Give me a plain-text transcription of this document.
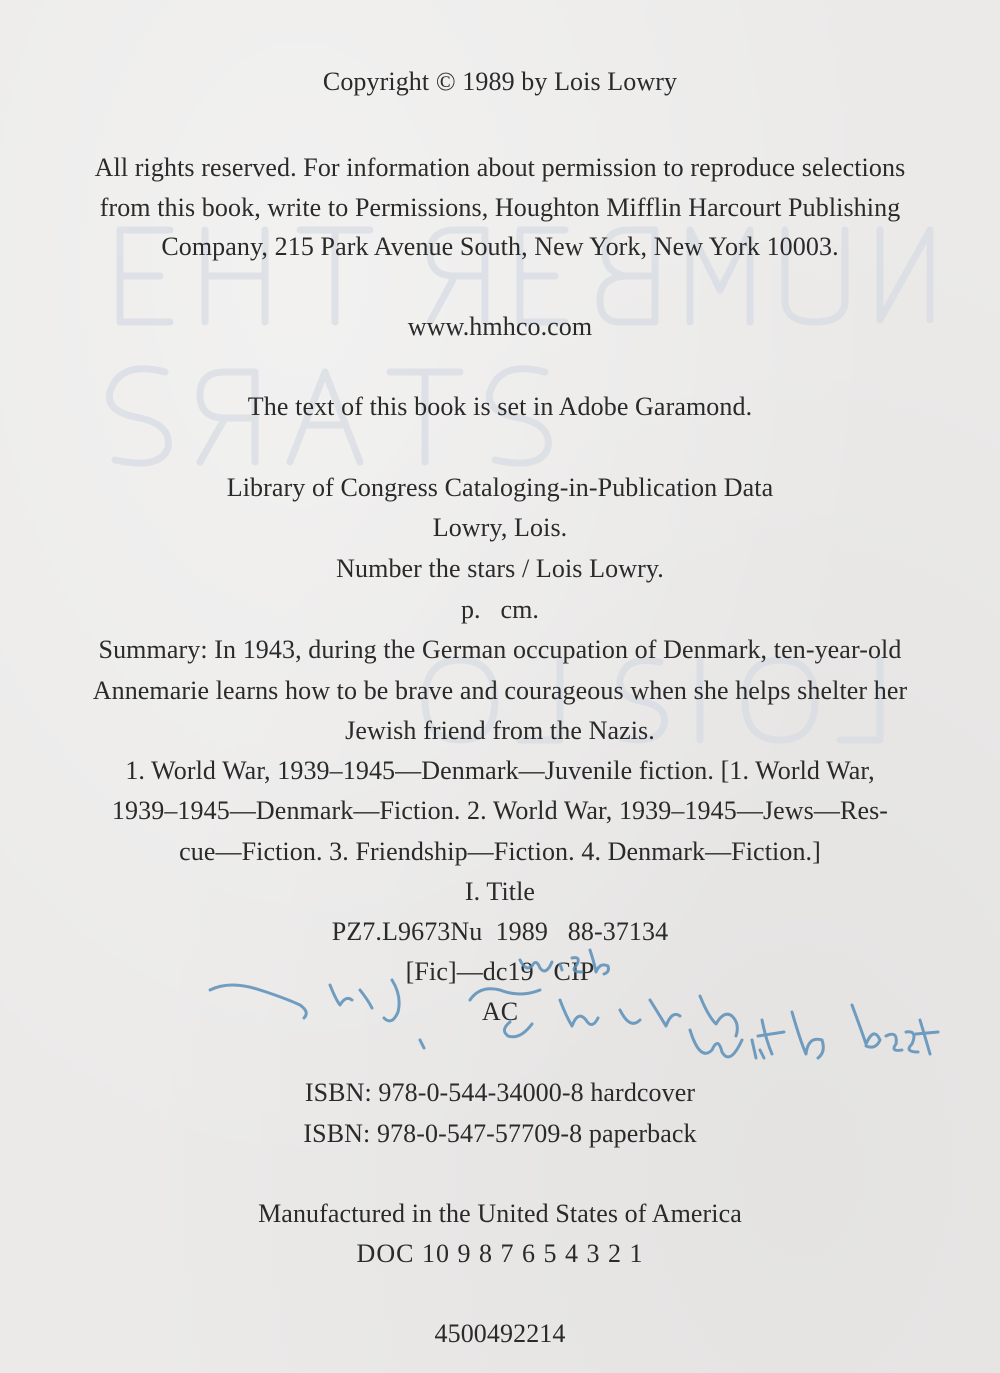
Copyright © 1989 by Lois Lowry
All rights reserved. For information about permission to reproduce selections
from this book, write to Permissions, Houghton Mifflin Harcourt Publishing
Company, 215 Park Avenue South, New York, New York 10003.
www.hmhco.com
The text of this book is set in Adobe Garamond.
Library of Congress Cataloging-in-Publication Data
Lowry, Lois.
Number the stars / Lois Lowry.
p.   cm.
Summary: In 1943, during the German occupation of Denmark, ten-year-old
Annemarie learns how to be brave and courageous when she helps shelter her
Jewish friend from the Nazis.
1. World War, 1939–1945—Denmark—Juvenile fiction. [1. World War,
1939–1945—Denmark—Fiction. 2. World War, 1939–1945—Jews—Res-
cue—Fiction. 3. Friendship—Fiction. 4. Denmark—Fiction.]
I. Title
PZ7.L9673Nu  1989   88-37134
[Fic]—dc19   CIP
AC
ISBN: 978-0-544-34000-8 hardcover
ISBN: 978-0-547-57709-8 paperback
Manufactured in the United States of America
DOC 10 9 8 7 6 5 4 3 2 1
4500492214
